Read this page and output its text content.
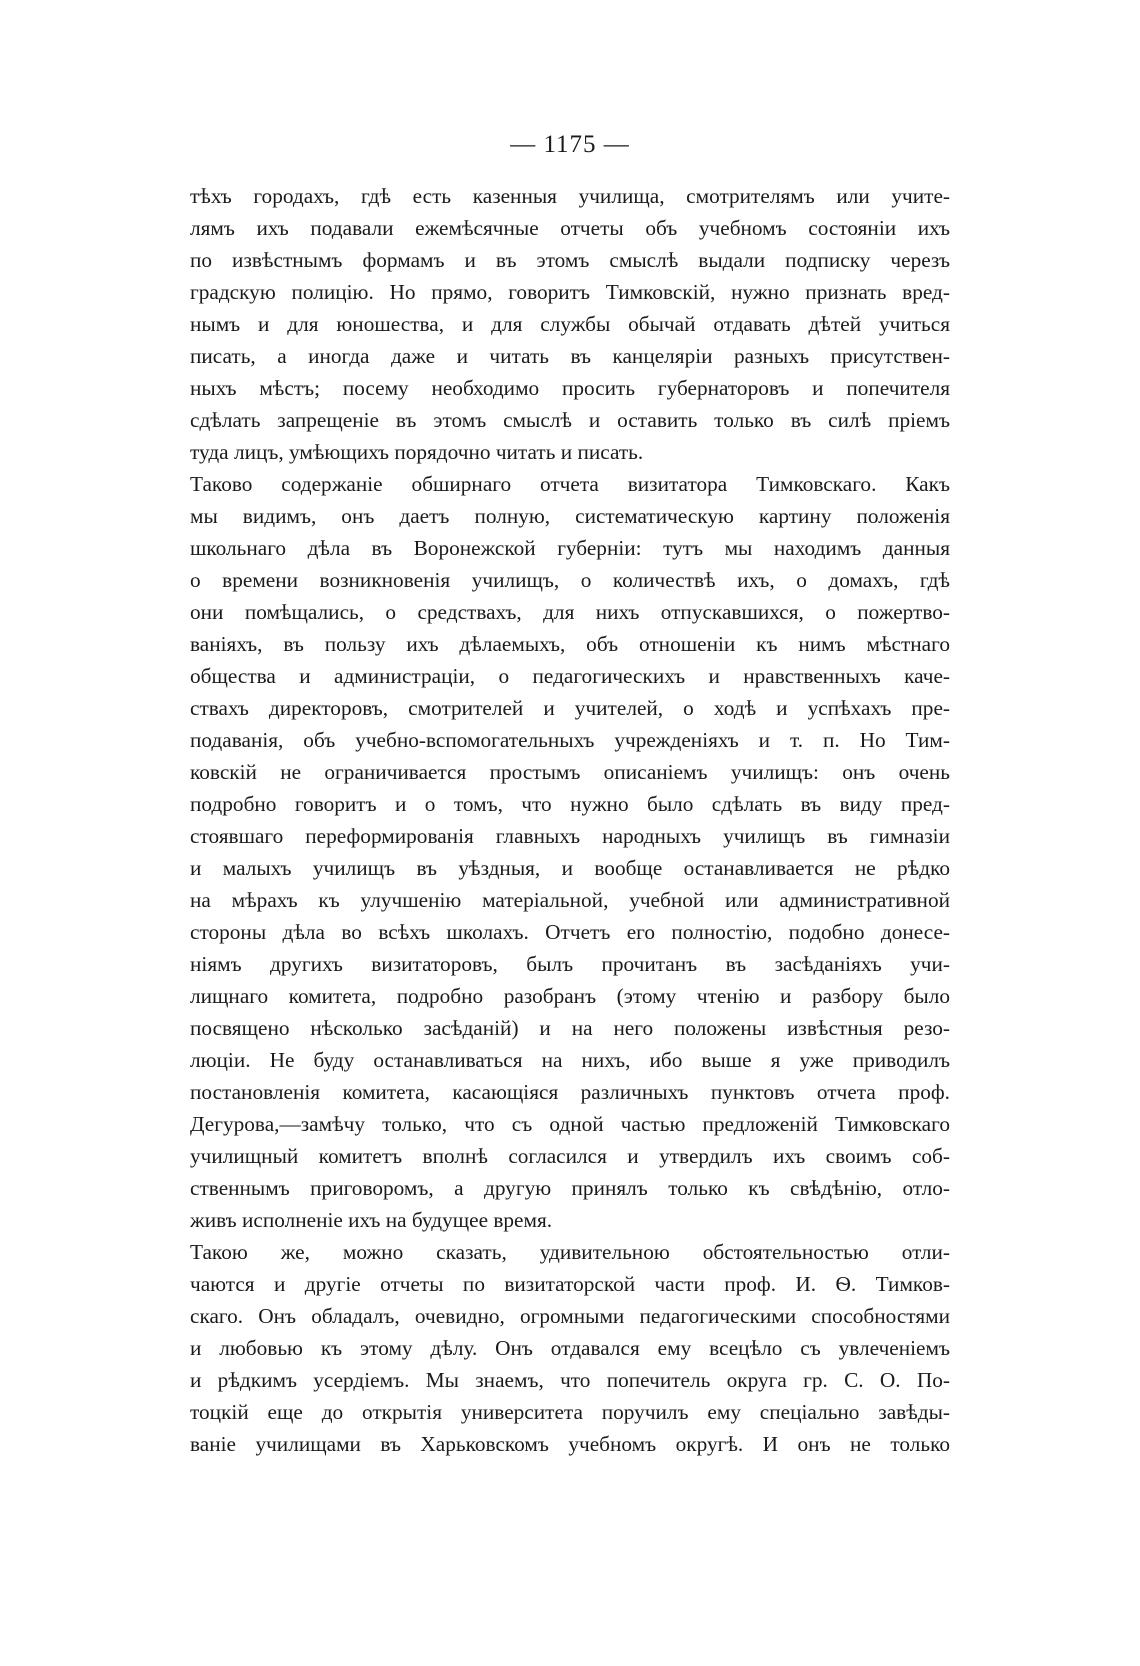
— 1175 —
тѣхъ городахъ, гдѣ есть казенныя училища, смотрителямъ или учите-
лямъ ихъ подавали ежемѣсячные отчеты объ учебномъ состояніи ихъ
по извѣстнымъ формамъ и въ этомъ смыслѣ выдали подписку черезъ
градскую полицію. Но прямо, говоритъ Тимковскій, нужно признать вред-
нымъ и для юношества, и для службы обычай отдавать дѣтей учиться
писать, а иногда даже и читать въ канцеляріи разныхъ присутствен-
ныхъ мѣстъ; посему необходимо просить губернаторовъ и попечителя
сдѣлать запрещеніе въ этомъ смыслѣ и оставить только въ силѣ пріемъ
туда лицъ, умѣющихъ порядочно читать и писать.
Таково содержаніе обширнаго отчета визитатора Тимковскаго. Какъ
мы видимъ, онъ даетъ полную, систематическую картину положенія
школьнаго дѣла въ Воронежской губерніи: тутъ мы находимъ данныя
о времени возникновенія училищъ, о количествѣ ихъ, о домахъ, гдѣ
они помѣщались, о средствахъ, для нихъ отпускавшихся, о пожертво-
ваніяхъ, въ пользу ихъ дѣлаемыхъ, объ отношеніи къ нимъ мѣстнаго
общества и администраціи, о педагогическихъ и нравственныхъ каче-
ствахъ директоровъ, смотрителей и учителей, о ходѣ и успѣхахъ пре-
подаванія, объ учебно-вспомогательныхъ учрежденіяхъ и т. п. Но Тим-
ковскій не ограничивается простымъ описаніемъ училищъ: онъ очень
подробно говоритъ и о томъ, что нужно было сдѣлать въ виду пред-
стоявшаго переформированія главныхъ народныхъ училищъ въ гимназіи
и малыхъ училищъ въ уѣздныя, и вообще останавливается не рѣдко
на мѣрахъ къ улучшенію матеріальной, учебной или административной
стороны дѣла во всѣхъ школахъ. Отчетъ его полностію, подобно донесе-
ніямъ другихъ визитаторовъ, былъ прочитанъ въ засѣданіяхъ учи-
лищнаго комитета, подробно разобранъ (этому чтенію и разбору было
посвящено нѣсколько засѣданій) и на него положены извѣстныя резо-
люціи. Не буду останавливаться на нихъ, ибо выше я уже приводилъ
постановленія комитета, касающіяся различныхъ пунктовъ отчета проф.
Дегурова,—замѣчу только, что съ одной частью предложеній Тимковскаго
училищный комитетъ вполнѣ согласился и утвердилъ ихъ своимъ соб-
ственнымъ приговоромъ, а другую принялъ только къ свѣдѣнію, отло-
живъ исполненіе ихъ на будущее время.
Такою же, можно сказать, удивительною обстоятельностью отли-
чаются и другіе отчеты по визитаторской части проф. И. Ѳ. Тимков-
скаго. Онъ обладалъ, очевидно, огромными педагогическими способностями
и любовью къ этому дѣлу. Онъ отдавался ему всецѣло съ увлеченіемъ
и рѣдкимъ усердіемъ. Мы знаемъ, что попечитель округа гр. С. О. По-
тоцкій еще до открытія университета поручилъ ему спеціально завѣды-
ваніе училищами въ Харьковскомъ учебномъ округѣ. И онъ не только
